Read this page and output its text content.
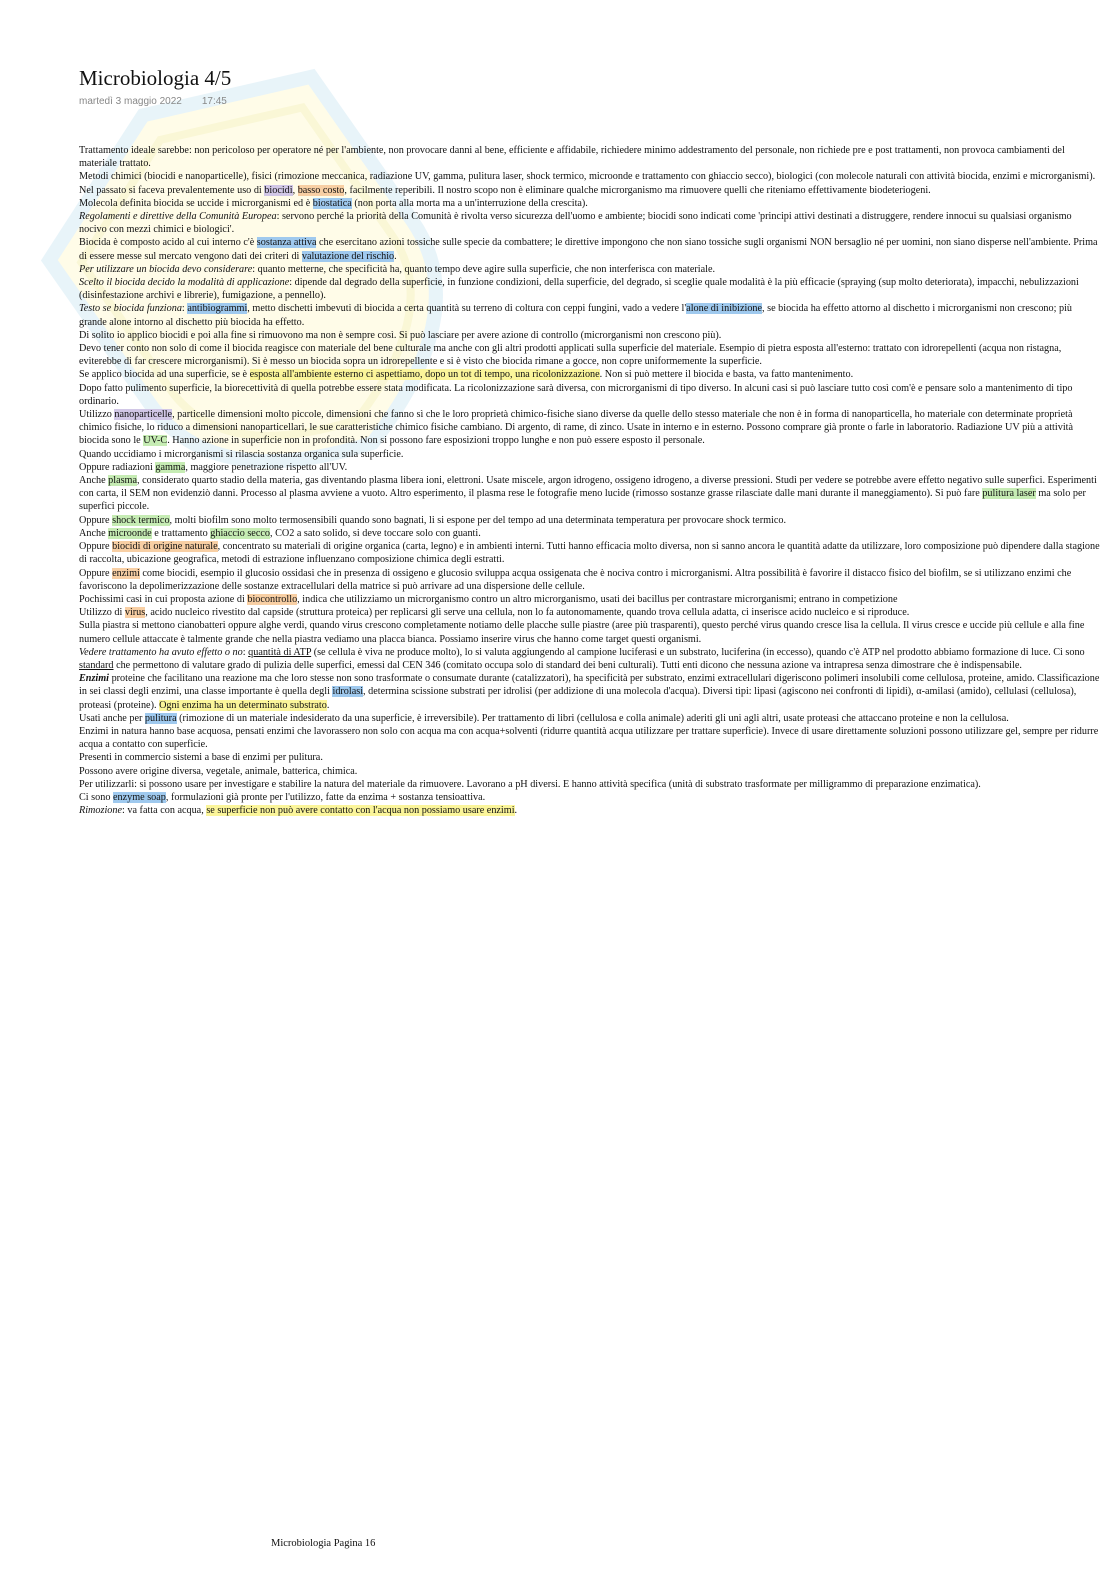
Microbiologia 4/5
martedì 3 maggio 2022 17:45

Trattamento ideale sarebbe: non pericoloso per operatore né per l'ambiente, non provocare danni al bene, efficiente e affidabile, richiedere minimo addestramento del personale, non richiede pre e post trattamenti, non provoca cambiamenti del materiale trattato.

Metodi chimici (biocidi e nanoparticelle), fisici (rimozione meccanica, radiazione UV, gamma, pulitura laser, shock termico, microonde e trattamento con ghiaccio secco), biologici (con molecole naturali con attività biocida, enzimi e microrganismi).

Nel passato si faceva prevalentemente uso di biocidi, basso costo, facilmente reperibili. Il nostro scopo non è eliminare qualche microrganismo ma rimuovere quelli che riteniamo effettivamente biodeteriogeni.

Molecola definita biocida se uccide i microrganismi ed è biostatica (non porta alla morta ma a un'interruzione della crescita).

Regolamenti e direttive della Comunità Europea: servono perché la priorità della Comunità è rivolta verso sicurezza dell'uomo e ambiente; biocidi sono indicati come 'principi attivi destinati a distruggere, rendere innocui su qualsiasi organismo nocivo con mezzi chimici e biologici'.

Biocida è composto acido al cui interno c'è sostanza attiva che esercitano azioni tossiche sulle specie da combattere; le direttive impongono che non siano tossiche sugli organismi NON bersaglio né per uomini, non siano disperse nell'ambiente. Prima di essere messe sul mercato vengono dati dei criteri di valutazione del rischio.

Per utilizzare un biocida devo considerare: quanto metterne, che specificità ha, quanto tempo deve agire sulla superficie, che non interferisca con materiale.

Scelto il biocida decido la modalità di applicazione: dipende dal degrado della superficie, in funzione condizioni, della superficie, del degrado, si sceglie quale modalità è la più efficacie (spraying (sup molto deteriorata), impacchi, nebulizzazioni (disinfestazione archivi e librerie), fumigazione, a pennello).

Testo se biocida funziona: antibiogrammi, metto dischetti imbevuti di biocida a certa quantità su terreno di coltura con ceppi fungini, vado a vedere l'alone di inibizione, se biocida ha effetto attorno al dischetto i microrganismi non crescono; più grande alone intorno al dischetto più biocida ha effetto.

Di solito io applico biocidi e poi alla fine si rimuovono ma non è sempre così. Si può lasciare per avere azione di controllo (microrganismi non crescono più).

Devo tener conto non solo di come il biocida reagisce con materiale del bene culturale ma anche con gli altri prodotti applicati sulla superficie del materiale. Esempio di pietra esposta all'esterno: trattato con idrorepellenti (acqua non ristagna, eviterebbe di far crescere microrganismi). Si è messo un biocida sopra un idrorepellente e si è visto che biocida rimane a gocce, non copre uniformemente la superficie.

Se applico biocida ad una superficie, se è esposta all'ambiente esterno ci aspettiamo, dopo un tot di tempo, una ricolonizzazione. Non si può mettere il biocida e basta, va fatto mantenimento.

Dopo fatto pulimento superficie, la biorecettività di quella potrebbe essere stata modificata. La ricolonizzazione sarà diversa, con microrganismi di tipo diverso. In alcuni casi si può lasciare tutto così com'è e pensare solo a mantenimento di tipo ordinario.

Utilizzo nanoparticelle, particelle dimensioni molto piccole, dimensioni che fanno sì che le loro proprietà chimico-fisiche siano diverse da quelle dello stesso materiale che non è in forma di nanoparticella, ho materiale con determinate proprietà chimico fisiche, lo riduco a dimensioni nanoparticellari, le sue caratteristiche chimico fisiche cambiano. Di argento, di rame, di zinco. Usate in interno e in esterno. Possono comprare già pronte o farle in laboratorio. Radiazione UV più a attività biocida sono le UV-C. Hanno azione in superficie non in profondità. Non si possono fare esposizioni troppo lunghe e non può essere esposto il personale.

Quando uccidiamo i microrganismi si rilascia sostanza organica sula superficie.

Oppure radiazioni gamma, maggiore penetrazione rispetto all'UV.

Anche plasma, considerato quarto stadio della materia, gas diventando plasma libera ioni, elettroni. Usate miscele, argon idrogeno, ossigeno idrogeno, a diverse pressioni. Studi per vedere se potrebbe avere effetto negativo sulle superfici. Esperimenti con carta, il SEM non evidenziò danni. Processo al plasma avviene a vuoto. Altro esperimento, il plasma rese le fotografie meno lucide (rimosso sostanze grasse rilasciate dalle mani durante il maneggiamento). Si può fare pulitura laser ma solo per superfici piccole.

Oppure shock termico, molti biofilm sono molto termosensibili quando sono bagnati, li si espone per del tempo ad una determinata temperatura per provocare shock termico.

Anche microonde e trattamento ghiaccio secco, CO2 a sato solido, si deve toccare solo con guanti.

Oppure biocidi di origine naturale, concentrato su materiali di origine organica (carta, legno) e in ambienti interni. Tutti hanno efficacia molto diversa, non si sanno ancora le quantità adatte da utilizzare, loro composizione può dipendere dalla stagione di raccolta, ubicazione geografica, metodi di estrazione influenzano composizione chimica degli estratti.

Oppure enzimi come biocidi, esempio il glucosio ossidasi che in presenza di ossigeno e glucosio sviluppa acqua ossigenata che è nociva contro i microrganismi. Altra possibilità è favorire il distacco fisico del biofilm, se si utilizzano enzimi che favoriscono la depolimerizzazione delle sostanze extracellulari della matrice si può arrivare ad una dispersione delle cellule.

Pochissimi casi in cui proposta azione di biocontrollo, indica che utilizziamo un microrganismo contro un altro microrganismo, usati dei bacillus per contrastare microrganismi; entrano in competizione

Utilizzo di virus, acido nucleico rivestito dal capside (struttura proteica) per replicarsi gli serve una cellula, non lo fa autonomamente, quando trova cellula adatta, ci inserisce acido nucleico e si riproduce.

Sulla piastra si mettono cianobatteri oppure alghe verdi, quando virus crescono completamente notiamo delle placche sulle piastre (aree più trasparenti), questo perché virus quando cresce lisa la cellula. Il virus cresce e uccide più cellule e alla fine numero cellule attaccate è talmente grande che nella piastra vediamo una placca bianca. Possiamo inserire virus che hanno come target questi organismi.

Vedere trattamento ha avuto effetto o no: quantità di ATP (se cellula è viva ne produce molto), lo si valuta aggiungendo al campione luciferasi e un substrato, luciferina (in eccesso), quando c'è ATP nel prodotto abbiamo formazione di luce. Ci sono standard che permettono di valutare grado di pulizia delle superfici, emessi dal CEN 346 (comitato occupa solo di standard dei beni culturali). Tutti enti dicono che nessuna azione va intrapresa senza dimostrare che è indispensabile.

Enzimi proteine che facilitano una reazione ma che loro stesse non sono trasformate o consumate durante (catalizzatori), ha specificità per substrato, enzimi extracellulari digeriscono polimeri insolubili come cellulosa, proteine, amido. Classificazione in sei classi degli enzimi, una classe importante è quella degli idrolasi, determina scissione substrati per idrolisi (per addizione di una molecola d'acqua). Diversi tipi: lipasi (agiscono nei confronti di lipidi), α-amilasi (amido), cellulasi (cellulosa), proteasi (proteine). Ogni enzima ha un determinato substrato.

Usati anche per pulitura (rimozione di un materiale indesiderato da una superficie, è irreversibile). Per trattamento di libri (cellulosa e colla animale) aderiti gli uni agli altri, usate proteasi che attaccano proteine e non la cellulosa.

Enzimi in natura hanno base acquosa, pensati enzimi che lavorassero non solo con acqua ma con acqua+solventi (ridurre quantità acqua utilizzare per trattare superficie). Invece di usare direttamente soluzioni possono utilizzare gel, sempre per ridurre acqua a contatto con superficie.

Presenti in commercio sistemi a base di enzimi per pulitura.

Possono avere origine diversa, vegetale, animale, batterica, chimica.

Per utilizzarli: si possono usare per investigare e stabilire la natura del materiale da rimuovere. Lavorano a pH diversi. E hanno attività specifica (unità di substrato trasformate per milligrammo di preparazione enzimatica).

Ci sono enzyme soap, formulazioni già pronte per l'utilizzo, fatte da enzima + sostanza tensioattiva.

Rimozione: va fatta con acqua, se superficie non può avere contatto con l'acqua non possiamo usare enzimi.

Microbiologia Pagina 16
